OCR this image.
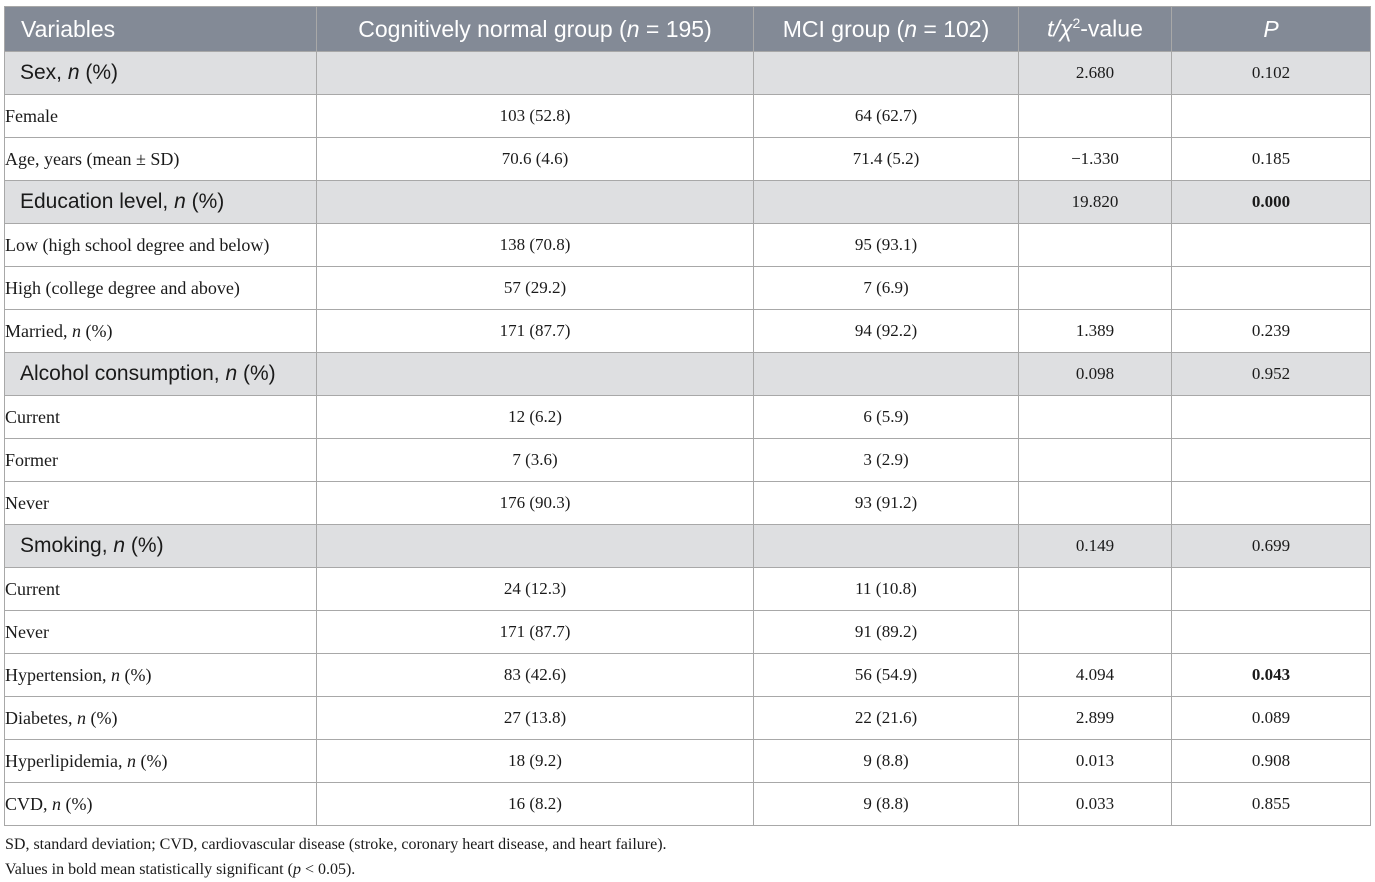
Variables	Cognitively normal group (n = 195)	MCI group (n = 102)	$t/\chi^2$-value	P
Sex, n (%)			2.680	0.102
Female	103 (52.8)	64 (62.7)		
Age, years (mean ± SD)	70.6 (4.6)	71.4 (5.2)	−1.330	0.185
Education level, n (%)			19.820	0.000
Low (high school degree and below)	138 (70.8)	95 (93.1)		
High (college degree and above)	57 (29.2)	7 (6.9)		
Married, n (%)	171 (87.7)	94 (92.2)	1.389	0.239
Alcohol consumption, n (%)			0.098	0.952
Current	12 (6.2)	6 (5.9)		
Former	7 (3.6)	3 (2.9)		
Never	176 (90.3)	93 (91.2)		
Smoking, n (%)			0.149	0.699
Current	24 (12.3)	11 (10.8)		
Never	171 (87.7)	91 (89.2)		
Hypertension, n (%)	83 (42.6)	56 (54.9)	4.094	0.043
Diabetes, n (%)	27 (13.8)	22 (21.6)	2.899	0.089
Hyperlipidemia, n (%)	18 (9.2)	9 (8.8)	0.013	0.908
CVD, n (%)	16 (8.2)	9 (8.8)	0.033	0.855
SD, standard deviation; CVD, cardiovascular disease (stroke, coronary heart disease, and heart failure).
Values in bold mean statistically significant (p < 0.05).
